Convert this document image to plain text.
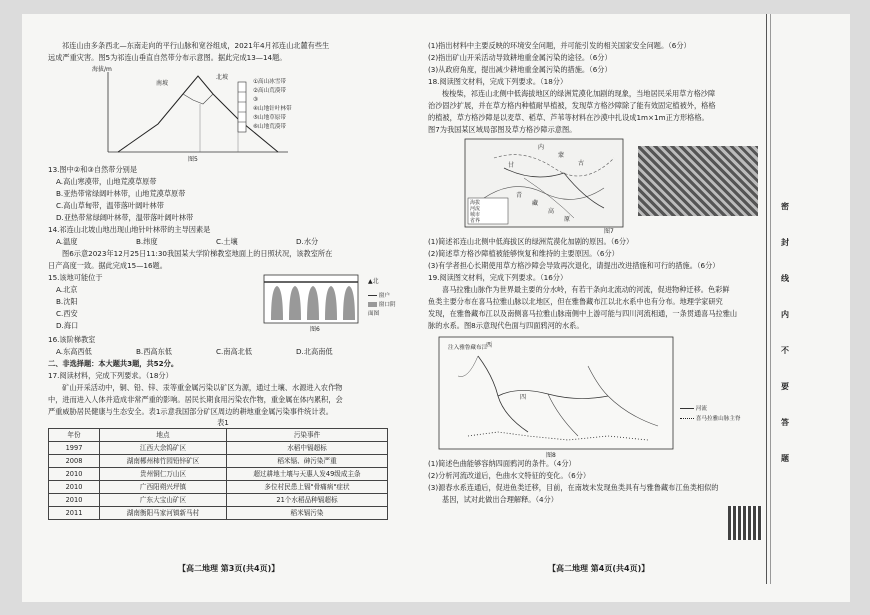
祁连山由多条西北—东南走向的平行山脉和宽谷组成，2021年4月祁连山北麓有些生
远成严重灾害。图5为祁连山垂直自然带分布示意图。据此完成13—14题。
海拔/m
南坡
北坡
①高山冰雪带
②高山荒漠带
③
④山地针叶林带
⑤山地草原带
⑥山地荒漠带
图5
13.图中②和③自然带分别是
A.高山寒漠带，山地荒漠草原带
B.亚热带常绿阔叶林带，山地荒漠草原带
C.高山草甸带，温带落叶阔叶林带
D.亚热带常绿阔叶林带，温带落叶阔叶林带
14.祁连山北坡山地出现山地针叶林带的主导因素是
A.温度	B.纬度	C.土壤	D.水分
图6示意2023年12月25日11:30我国某大学阶梯教室地面上的日照状况，该教室所在
日产高度一致。据此完成15—16题。
15.该地可能位于
A.北京
B.沈阳
C.西安
D.海口
▲北
窗户
窗口阴面图
图6
16.该阶梯教室
A.东高西低	B.西高东低	C.南高北低	D.北高南低
二、非选择题：本大题共3题，共52分。
17.阅读材料，完成下列要求。（18分）
矿山开采活动中，铜、铅、锌、汞等重金属污染以矿区为源，通过土壤、水源进入农作物
中，进而进入人体并造成非常严重的影响。居民长期食用污染农作物，重金属在体内累积，会
严重威胁居民健康与生态安全。表1示意我国部分矿区周边的耕地重金属污染事件统计表。
表1
年份	地点	污染事件
1997	江西大余钨矿区	水稻中镉超标
2008	湖南郴州柿竹园铅锌矿区	稻米镉、砷污染严重
2010	贵州铜仁万山区	超过耕地土壤与天惠人发49级成主条
2010	广西阳朔兴坪镇	多位村民患上镉"骨痛病"症状
2010	广东大宝山矿区	21个水稻品种镉超标
2011	湖南衡阳马家河镇新马村	稻米镉污染
(1)指出材料中主要反映的环境安全问题，并可能引发的相关国家安全问题。（6分）
(2)指出矿山开采活动导致耕地重金属污染的途径。（6分）
(3)从政府角度，提出减少耕地重金属污染的措施。（6分）
18.阅读图文材料，完成下列要求。（18分）
梭梭柴，祁连山北侧中低海拔地区的绿洲荒漠化加剧的现象，当地居民采用草方格沙障
治沙固沙扩展，并在草方格内种植耐旱植被，发现草方格沙障除了能有效固定植被外，格格
的植被，草方格沙障是以麦草、稻草、芦苇等材料在沙漠中扎设成1m×1m正方形格格。
图7为我国某区域局部图及草方格沙障示意图。
内
蒙
古
甘
青
藏
高
原
海拔
河流
城市
省界
图7
(1)简述祁连山北侧中低海拔区的绿洲荒漠化加剧的原因。（6分）
(2)简述草方格沙障植被能够恢复和维持的主要原因。（6分）
(3)有学者担心长期使用草方格沙障会导致再次退化，请提出改进措施和可行的措施。（6分）
19.阅读图文材料，完成下列要求。（16分）
喜马拉雅山脉作为世界最主要的分水岭，有若干条向北流动的河流，促进物种迁移。色彩鲜
鱼类主要分布在喜马拉雅山脉以北地区，但在雅鲁藏布江以北水系中也有分布。地理学家研究
发现，在雅鲁藏布江以及南侧喜马拉雅山脉南侧中上游可能与四川河流相通，一条贯通喜马拉雅山
脉的水系。图8示意现代色面与四面鸦河的水系。
注入雅鲁藏布江
西
四
河流
喜马拉雅山脉主脊
图8
(1)简述色曲能够容纳四面鸦河的条件。（4分）
(2)分析河流改道后，色曲水文特征的变化。（6分）
(3)源春水系连通后，促进鱼类迁移，目前，在南坡未发现鱼类具有与雅鲁藏布江鱼类相似的
基因，试对此做出合理解释。（4分）
【高二地理 第3页(共4页)】	【高二地理 第4页(共4页)】
密
封
线
内
不
要
答
题
